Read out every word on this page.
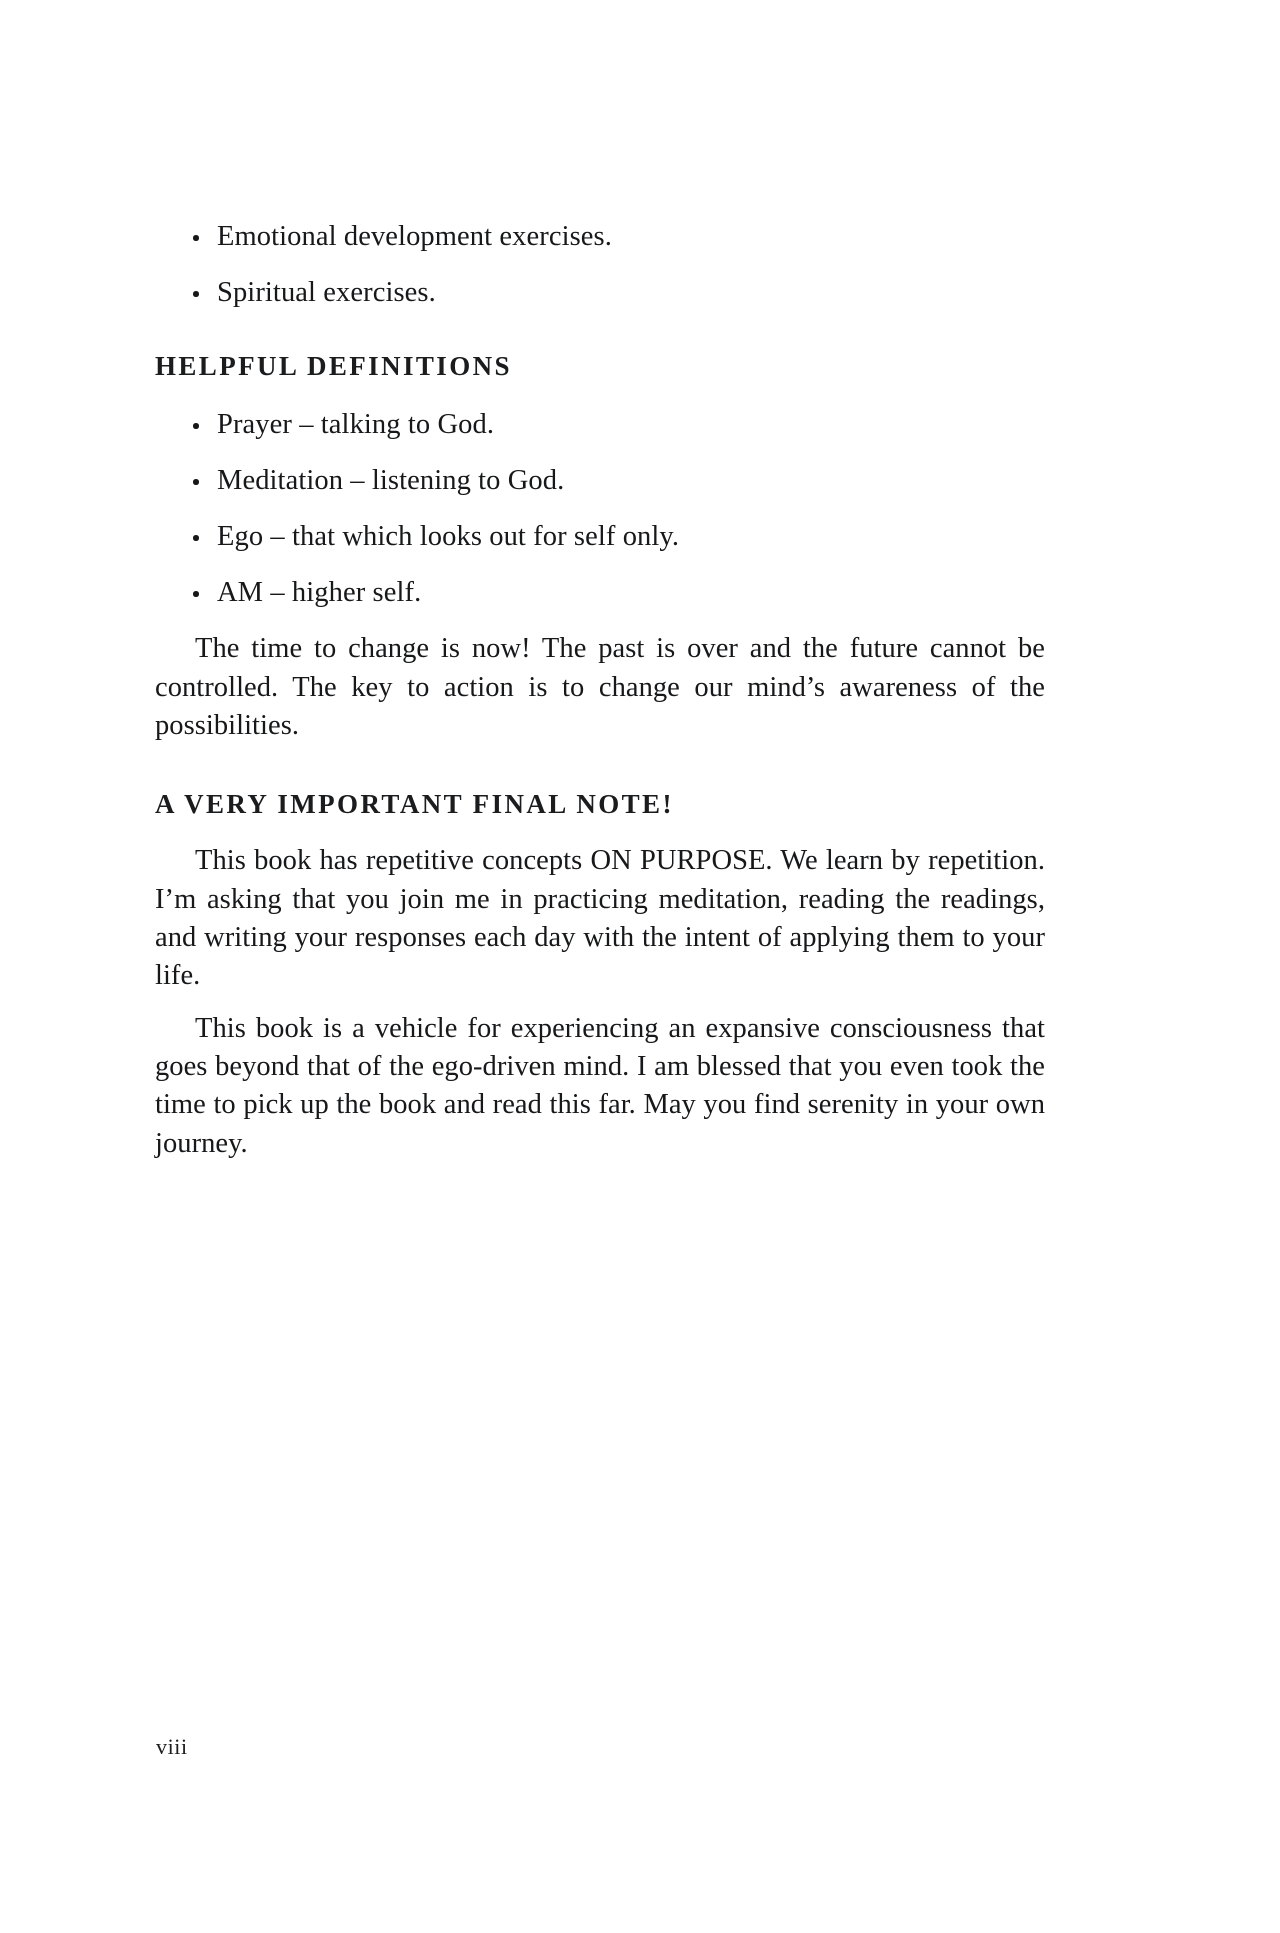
Emotional development exercises.
Spiritual exercises.
HELPFUL DEFINITIONS
Prayer – talking to God.
Meditation – listening to God.
Ego – that which looks out for self only.
AM – higher self.

The time to change is now! The past is over and the future cannot be controlled. The key to action is to change our mind’s awareness of the possibilities.

A VERY IMPORTANT FINAL NOTE!

This book has repetitive concepts ON PURPOSE. We learn by repetition. I’m asking that you join me in practicing meditation, reading the readings, and writing your responses each day with the intent of applying them to your life.

This book is a vehicle for experiencing an expansive consciousness that goes beyond that of the ego-driven mind. I am blessed that you even took the time to pick up the book and read this far. May you find serenity in your own journey.

viii
